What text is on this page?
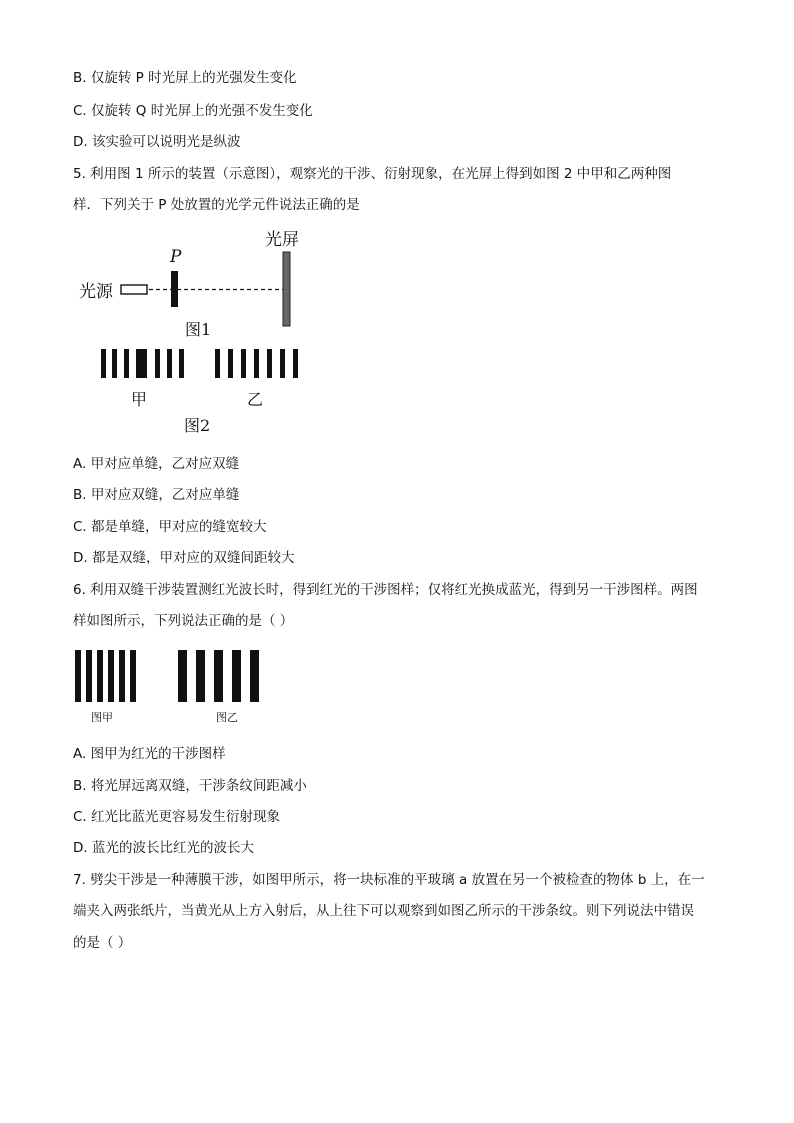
B. 仅旋转 P 时光屏上的光强发生变化
C. 仅旋转 Q 时光屏上的光强不发生变化
D. 该实验可以说明光是纵波
5. 利用图 1 所示的装置（示意图），观察光的干涉、衍射现象，在光屏上得到如图 2 中甲和乙两种图
样．下列关于 P 处放置的光学元件说法正确的是
光源
P
光屏
图1
甲	乙
图2
A. 甲对应单缝，乙对应双缝
B. 甲对应双缝，乙对应单缝
C. 都是单缝，甲对应的缝宽较大
D. 都是双缝，甲对应的双缝间距较大
6. 利用双缝干涉装置测红光波长时，得到红光的干涉图样；仅将红光换成蓝光，得到另一干涉图样。两图
样如图所示，下列说法正确的是（ ）
图甲	图乙
A. 图甲为红光的干涉图样
B. 将光屏远离双缝，干涉条纹间距减小
C. 红光比蓝光更容易发生衍射现象
D. 蓝光的波长比红光的波长大
7. 劈尖干涉是一种薄膜干涉，如图甲所示，将一块标准的平玻璃 a 放置在另一个被检查的物体 b 上，在一
端夹入两张纸片，当黄光从上方入射后，从上往下可以观察到如图乙所示的干涉条纹。则下列说法中错误
的是（ ）
